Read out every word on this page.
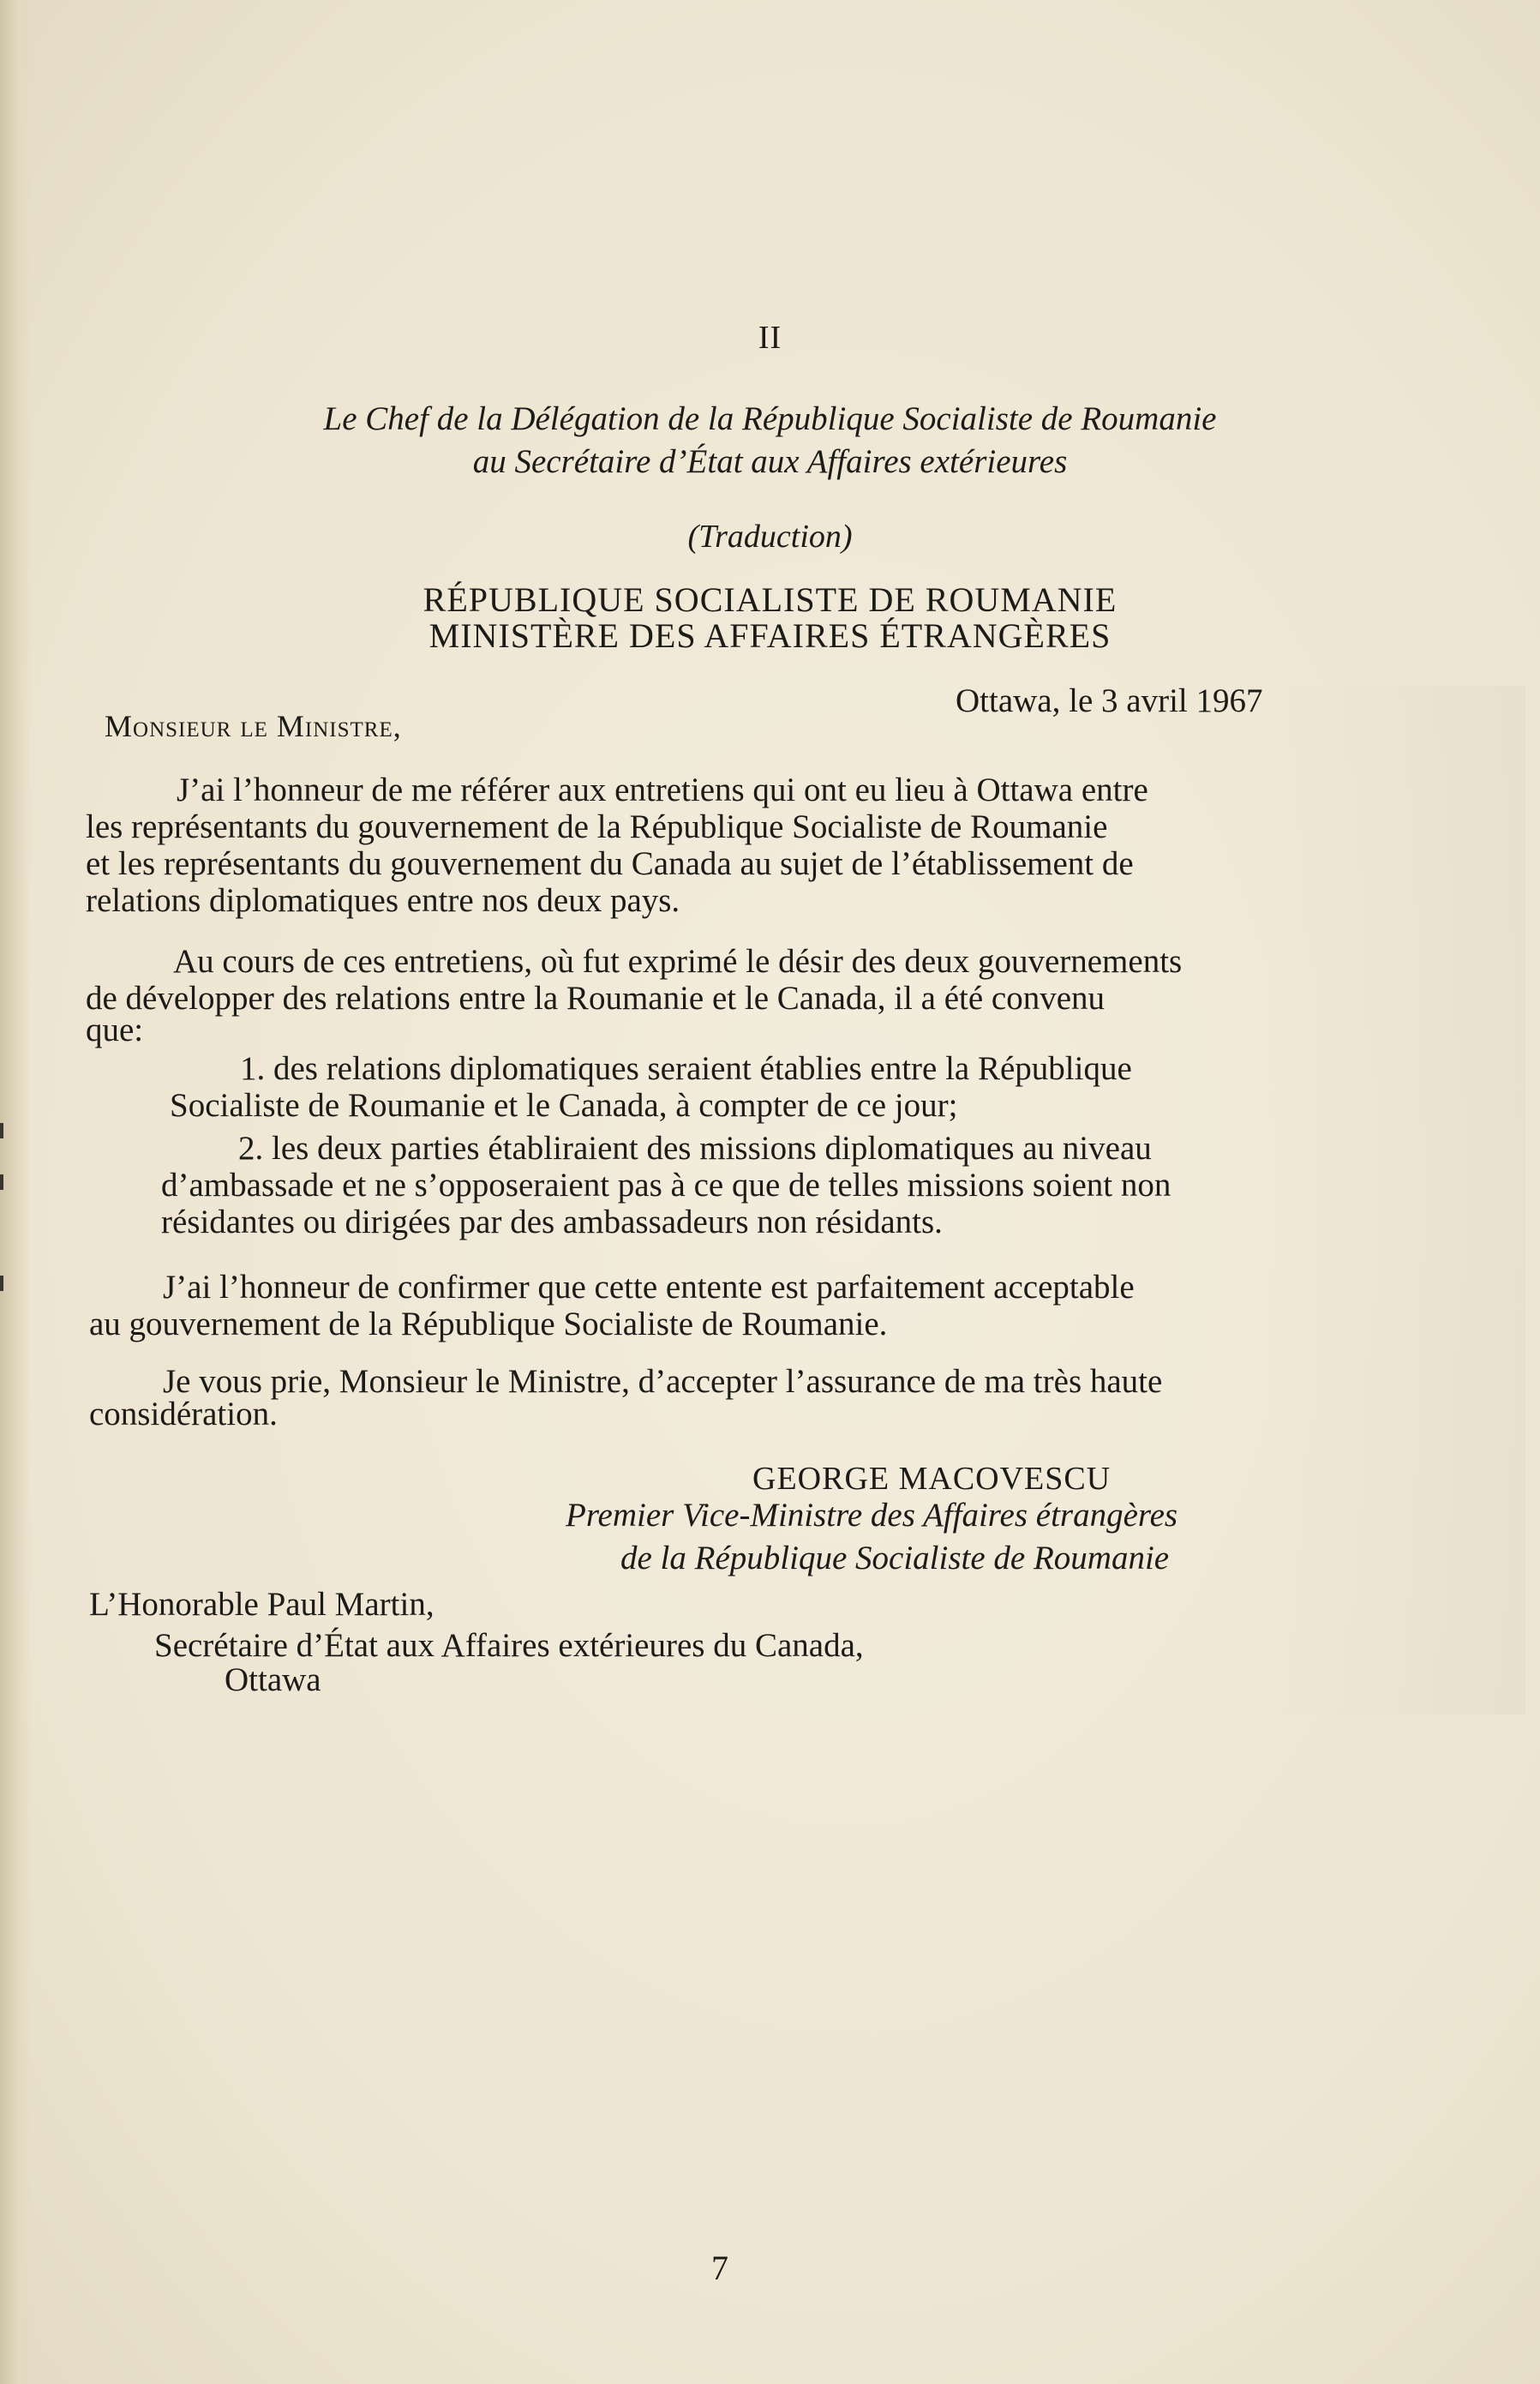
II
Le Chef de la Délégation de la République Socialiste de Roumanie
au Secrétaire d’État aux Affaires extérieures
(Traduction)
RÉPUBLIQUE SOCIALISTE DE ROUMANIE
MINISTÈRE DES AFFAIRES ÉTRANGÈRES
Ottawa, le 3 avril 1967
Monsieur le Ministre,
J’ai l’honneur de me référer aux entretiens qui ont eu lieu à Ottawa entre
les représentants du gouvernement de la République Socialiste de Roumanie
et les représentants du gouvernement du Canada au sujet de l’établissement de
relations diplomatiques entre nos deux pays.
Au cours de ces entretiens, où fut exprimé le désir des deux gouvernements
de développer des relations entre la Roumanie et le Canada, il a été convenu
que:
1. des relations diplomatiques seraient établies entre la République
Socialiste de Roumanie et le Canada, à compter de ce jour;
2. les deux parties établiraient des missions diplomatiques au niveau
d’ambassade et ne s’opposeraient pas à ce que de telles missions soient non
résidantes ou dirigées par des ambassadeurs non résidants.
J’ai l’honneur de confirmer que cette entente est parfaitement acceptable
au gouvernement de la République Socialiste de Roumanie.
Je vous prie, Monsieur le Ministre, d’accepter l’assurance de ma très haute
considération.
GEORGE MACOVESCU
Premier Vice-Ministre des Affaires étrangères
de la République Socialiste de Roumanie
L’Honorable Paul Martin,
Secrétaire d’État aux Affaires extérieures du Canada,
Ottawa
7
